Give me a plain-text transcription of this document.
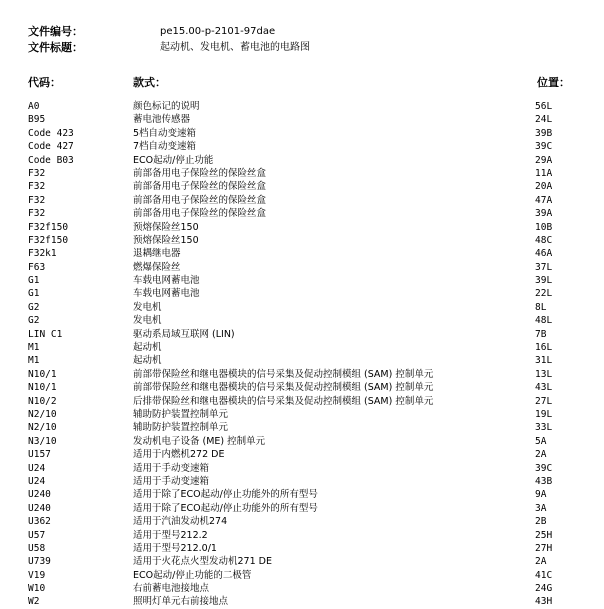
文件编号：	pe15.00-p-2101-97dae
文件标题：	起动机、发电机、蓄电池的电路图
代码：	款式：	位置：
A0	颜色标记的说明	56L
B95	蓄电池传感器	24L
Code 423	5档自动变速箱	39B
Code 427	7档自动变速箱	39C
Code B03	ECO起动/停止功能	29A
F32	前部备用电子保险丝的保险丝盒	11A
F32	前部备用电子保险丝的保险丝盒	20A
F32	前部备用电子保险丝的保险丝盒	47A
F32	前部备用电子保险丝的保险丝盒	39A
F32f150	预熔保险丝150	10B
F32f150	预熔保险丝150	48C
F32k1	退耦继电器	46A
F63	燃爆保险丝	37L
G1	车载电网蓄电池	39L
G1	车载电网蓄电池	22L
G2	发电机	8L
G2	发电机	48L
LIN C1	驱动系局域互联网 (LIN)	7B
M1	起动机	16L
M1	起动机	31L
N10/1	前部带保险丝和继电器模块的信号采集及促动控制模组 (SAM) 控制单元	13L
N10/1	前部带保险丝和继电器模块的信号采集及促动控制模组 (SAM) 控制单元	43L
N10/2	后排带保险丝和继电器模块的信号采集及促动控制模组 (SAM) 控制单元	27L
N2/10	辅助防护装置控制单元	19L
N2/10	辅助防护装置控制单元	33L
N3/10	发动机电子设备 (ME) 控制单元	5A
U157	适用于内燃机272 DE	2A
U24	适用于手动变速箱	39C
U24	适用于手动变速箱	43B
U240	适用于除了ECO起动/停止功能外的所有型号	9A
U240	适用于除了ECO起动/停止功能外的所有型号	3A
U362	适用于汽油发动机274	2B
U57	适用于型号212.2	25H
U58	适用于型号212.0/1	27H
U739	适用于火花点火型发动机271 DE	2A
V19	ECO起动/停止功能的二极管	41C
W10	右前蓄电池接地点	24G
W2	照明灯单元右前接地点	43H
